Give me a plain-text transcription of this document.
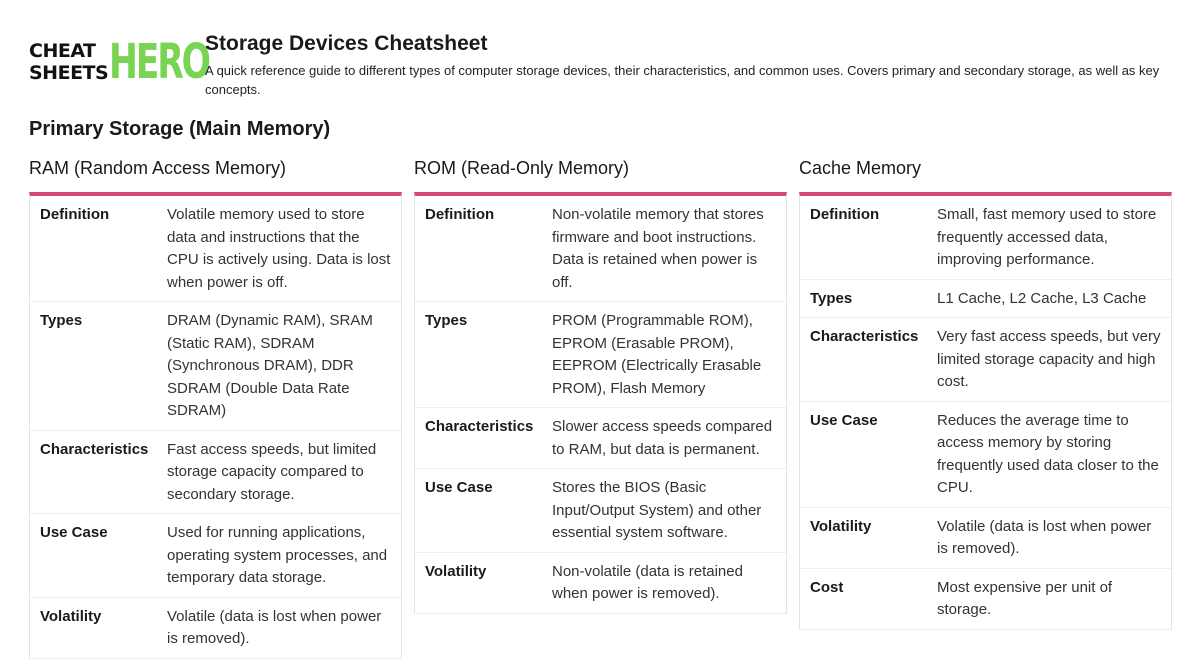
CHEAT
SHEETS HERO
Storage Devices Cheatsheet
A quick reference guide to different types of computer storage devices, their characteristics, and common uses. Covers primary and secondary storage, as well as key concepts.
Primary Storage (Main Memory)
RAM (Random Access Memory)
Definition	Volatile memory used to store data and instructions that the CPU is actively using. Data is lost when power is off.
Types	DRAM (Dynamic RAM), SRAM (Static RAM), SDRAM (Synchronous DRAM), DDR SDRAM (Double Data Rate SDRAM)
Characteristics	Fast access speeds, but limited storage capacity compared to secondary storage.
Use Case	Used for running applications, operating system processes, and temporary data storage.
Volatility	Volatile (data is lost when power is removed).
ROM (Read-Only Memory)
Definition	Non-volatile memory that stores firmware and boot instructions. Data is retained when power is off.
Types	PROM (Programmable ROM), EPROM (Erasable PROM), EEPROM (Electrically Erasable PROM), Flash Memory
Characteristics	Slower access speeds compared to RAM, but data is permanent.
Use Case	Stores the BIOS (Basic Input/Output System) and other essential system software.
Volatility	Non-volatile (data is retained when power is removed).
Cache Memory
Definition	Small, fast memory used to store frequently accessed data, improving performance.
Types	L1 Cache, L2 Cache, L3 Cache
Characteristics	Very fast access speeds, but very limited storage capacity and high cost.
Use Case	Reduces the average time to access memory by storing frequently used data closer to the CPU.
Volatility	Volatile (data is lost when power is removed).
Cost	Most expensive per unit of storage.
